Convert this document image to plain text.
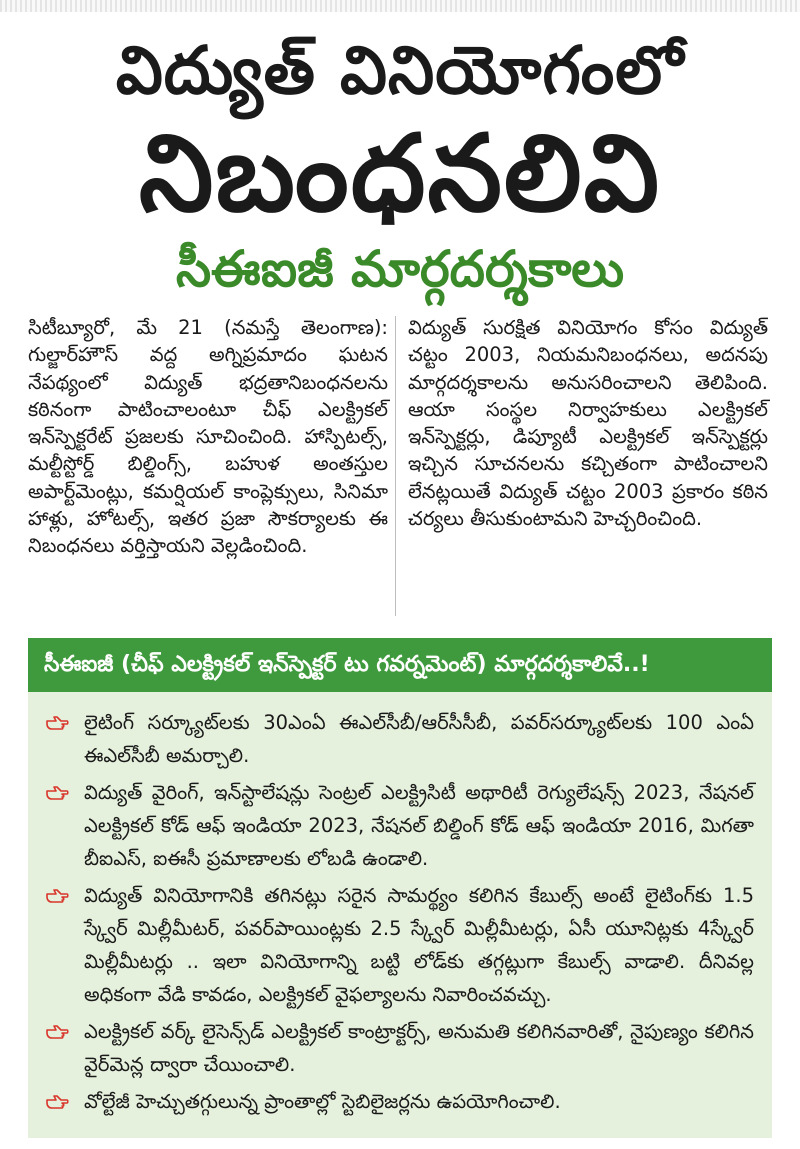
విద్యుత్ వినియోగంలో
నిబంధనలివి
సీఈఐజీ మార్గదర్శకాలు
సిటీబ్యూరో, మే 21 (నమస్తే తెలంగాణ): గుల్జార్‌హౌస్ వద్ద అగ్నిప్రమాదం ఘటన నేపథ్యంలో విద్యుత్ భద్రతానిబంధనలను కఠినంగా పాటించాలంటూ చీఫ్ ఎలక్ట్రికల్ ఇన్‌స్పెక్టరేట్ ప్రజలకు సూచించింది. హాస్పిటల్స్, మల్టీస్టోర్డ్ బిల్డింగ్స్, బహుళ అంతస్తుల అపార్ట్‌మెంట్లు, కమర్షియల్ కాంప్లెక్సులు, సినిమా హాళ్లు, హోటల్స్, ఇతర ప్రజా సౌకర్యాలకు ఈ నిబంధనలు వర్తిస్తాయని వెల్లడించింది.
విద్యుత్ సురక్షిత వినియోగం కోసం విద్యుత్ చట్టం 2003, నియమనిబంధనలు, అదనపు మార్గదర్శకాలను అనుసరించాలని తెలిపింది. ఆయా సంస్థల నిర్వాహకులు ఎలక్ట్రికల్ ఇన్‌స్పెక్టర్లు, డిప్యూటీ ఎలక్ట్రికల్ ఇన్‌స్పెక్టర్లు ఇచ్చిన సూచనలను కచ్చితంగా పాటించాలని లేనట్లయితే విద్యుత్ చట్టం 2003 ప్రకారం కఠిన చర్యలు తీసుకుంటామని హెచ్చరించింది.
సీఈఐజీ (చీఫ్ ఎలక్ట్రికల్ ఇన్‌స్పెక్టర్ టు గవర్నమెంట్) మార్గదర్శకాలివే..!
లైటింగ్ సర్క్యూట్‌లకు 30ఎంఏ ఈఎల్‌సీబీ/ఆర్‌సీసీబీ, పవర్‌సర్క్యూట్‌లకు 100 ఎంఏ ఈఎల్‌సీబీ అమర్చాలి.
విద్యుత్ వైరింగ్, ఇన్‌స్టాలేషన్లు సెంట్రల్ ఎలక్ట్రిసిటీ అథారిటీ రెగ్యులేషన్స్ 2023, నేషనల్ ఎలక్ట్రికల్ కోడ్ ఆఫ్ ఇండియా 2023, నేషనల్ బిల్డింగ్ కోడ్ ఆఫ్ ఇండియా 2016, మిగతా బీఐఎస్, ఐఈసీ ప్రమాణాలకు లోబడి ఉండాలి.
విద్యుత్ వినియోగానికి తగినట్లు సరైన సామర్థ్యం కలిగిన కేబుల్స్ అంటే లైటింగ్‌కు 1.5 స్క్వేర్ మిల్లీమీటర్, పవర్‌పాయింట్లకు 2.5 స్క్వేర్ మిల్లీమీటర్లు, ఏసీ యూనిట్లకు 4స్క్వేర్ మిల్లీమీటర్లు .. ఇలా వినియోగాన్ని బట్టి లోడ్‌కు తగ్గట్లుగా కేబుల్స్ వాడాలి. దీనివల్ల అధికంగా వేడి కావడం, ఎలక్ట్రికల్ వైఫల్యాలను నివారించవచ్చు.
ఎలక్ట్రికల్ వర్క్ లైసెన్స్‌డ్ ఎలక్ట్రికల్ కాంట్రాక్టర్స్, అనుమతి కలిగినవారితో, నైపుణ్యం కలిగిన వైర్‌మెన్ల ద్వారా చేయించాలి.
వోల్టేజీ హెచ్చుతగ్గులున్న ప్రాంతాల్లో స్టెబిలైజర్లను ఉపయోగించాలి.
